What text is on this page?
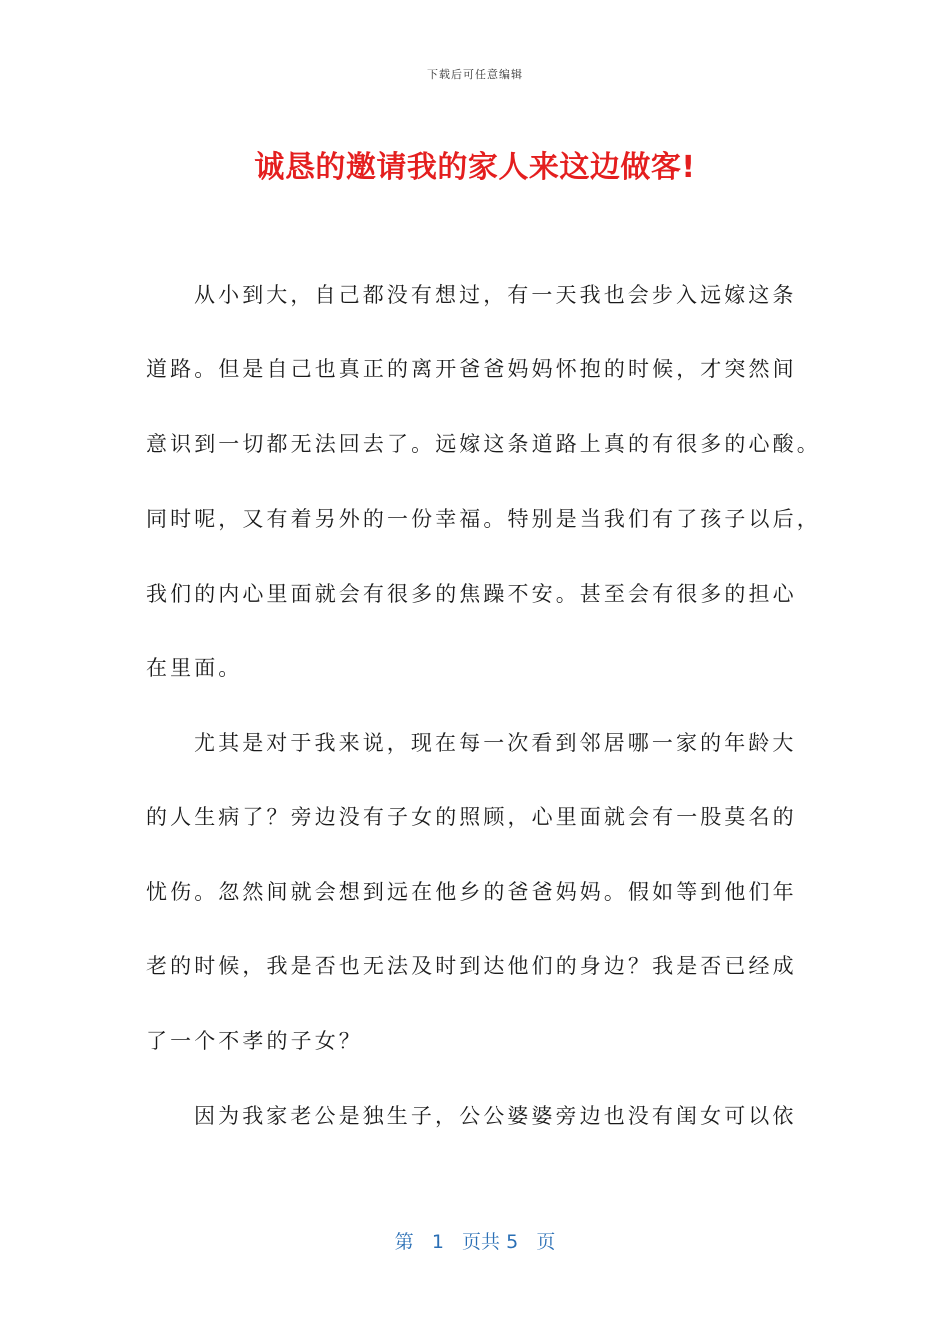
下载后可任意编辑
诚恳的邀请我的家人来这边做客!
从小到大，自己都没有想过，有一天我也会步入远嫁这条
道路。但是自己也真正的离开爸爸妈妈怀抱的时候，才突然间
意识到一切都无法回去了。远嫁这条道路上真的有很多的心酸。
同时呢，又有着另外的一份幸福。特别是当我们有了孩子以后，
我们的内心里面就会有很多的焦躁不安。甚至会有很多的担心
在里面。
尤其是对于我来说，现在每一次看到邻居哪一家的年龄大
的人生病了？旁边没有子女的照顾，心里面就会有一股莫名的
忧伤。忽然间就会想到远在他乡的爸爸妈妈。假如等到他们年
老的时候，我是否也无法及时到达他们的身边？我是否已经成
了一个不孝的子女？
因为我家老公是独生子，公公婆婆旁边也没有闺女可以依
第 1 页共 5 页
